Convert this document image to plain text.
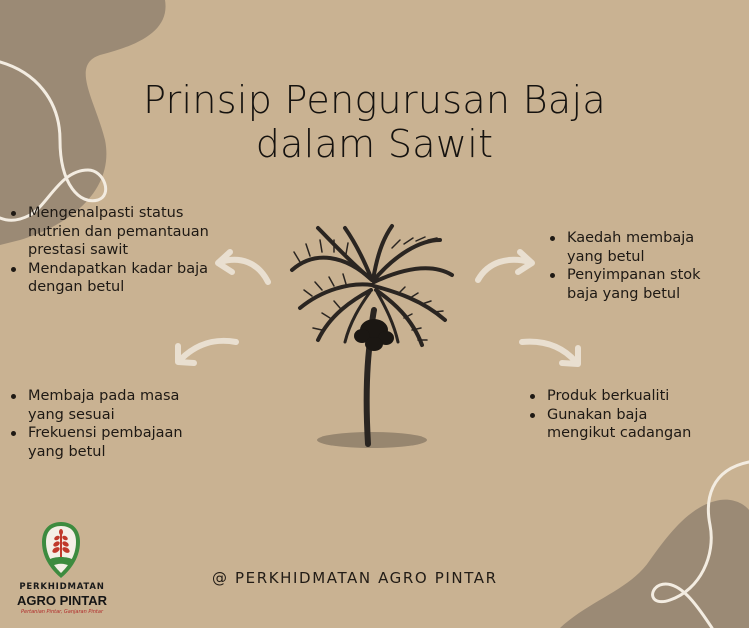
Prinsip Pengurusan Baja
dalam Sawit
Mengenalpasti status nutrien dan pemantauan prestasi sawit
Mendapatkan kadar baja dengan betul
Membaja pada masa yang sesuai
Frekuensi pembajaan yang betul
Kaedah membaja yang betul
Penyimpanan stok baja yang betul
Produk berkualiti
Gunakan baja mengikut cadangan
@ PERKHIDMATAN AGRO PINTAR
PERKHIDMATAN
AGRO PINTAR
Pertanian Pintar, Ganjaran Pintar
